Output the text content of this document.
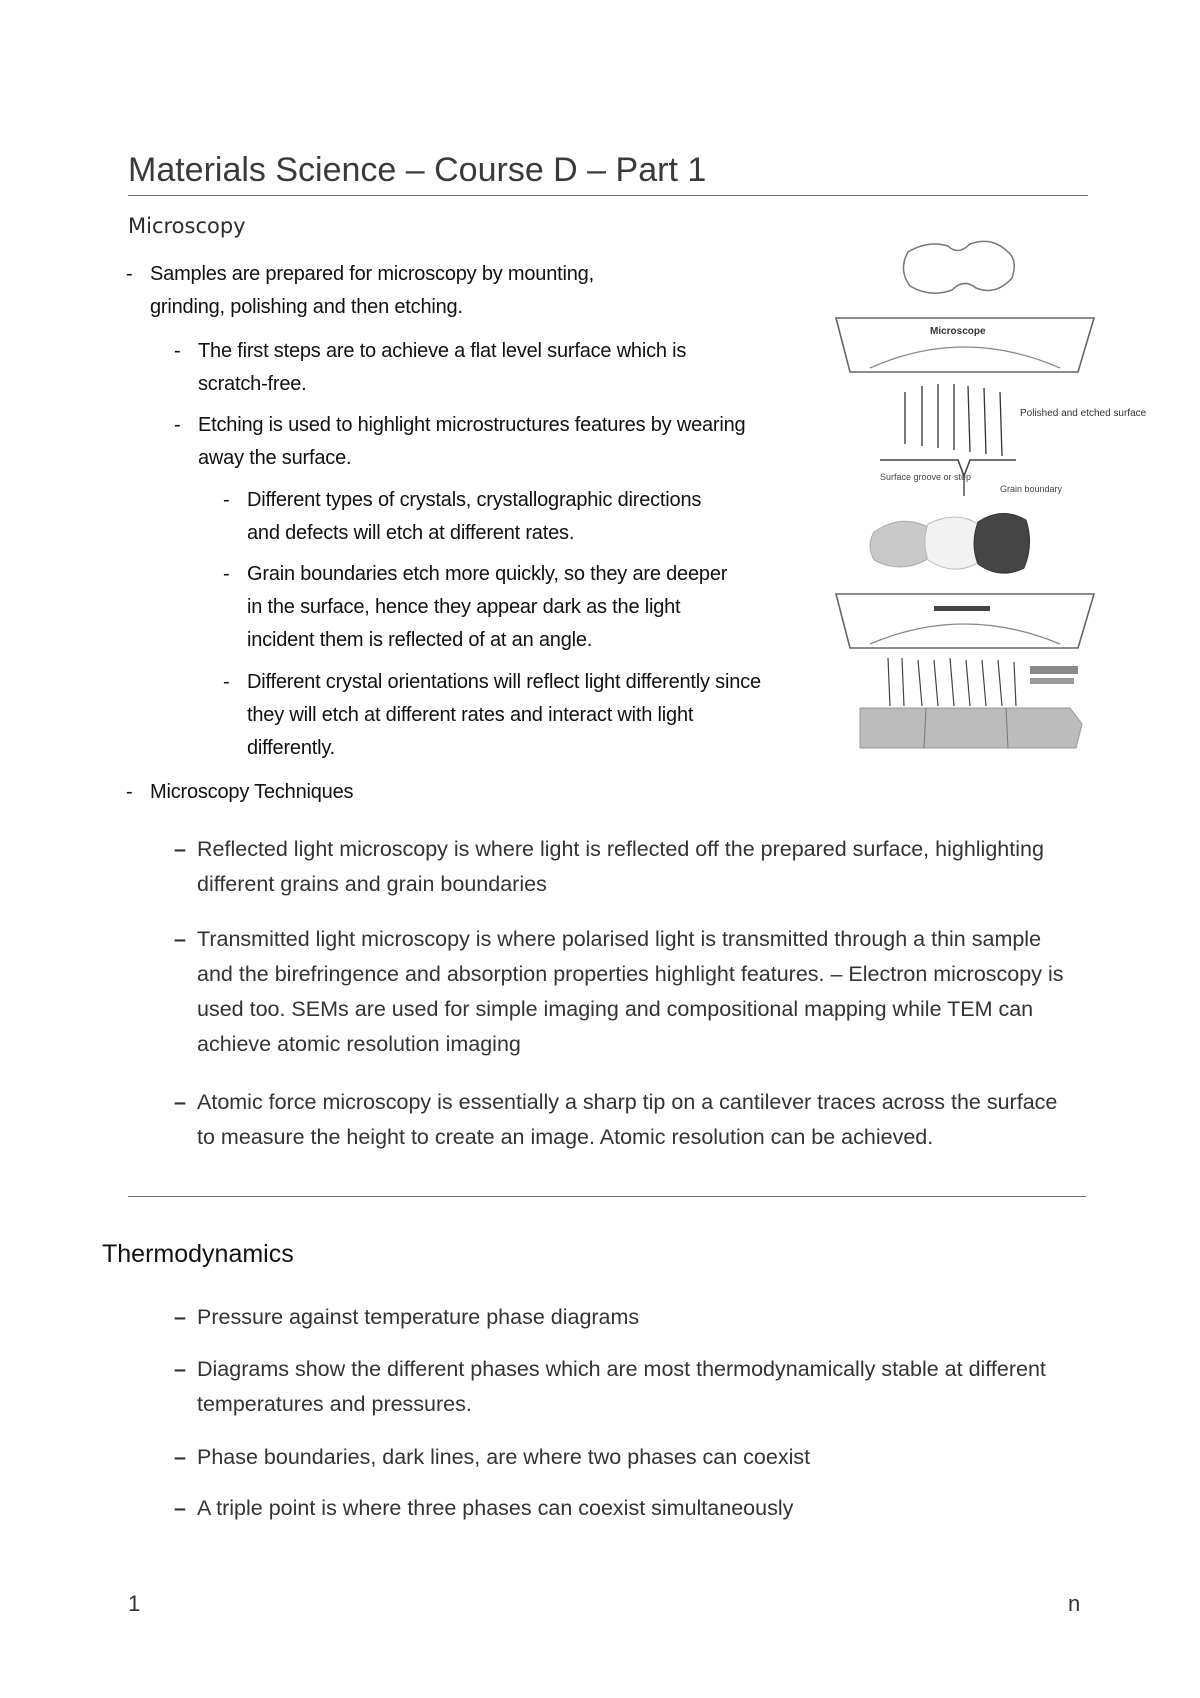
Materials Science – Course D – Part 1
Microscopy
- Samples are prepared for microscopy by mounting, grinding, polishing and then etching.
- The first steps are to achieve a flat level surface which is scratch-free.
- Etching is used to highlight microstructures features by wearing away the surface.
- Different types of crystals, crystallographic directions and defects will etch at different rates.
- Grain boundaries etch more quickly, so they are deeper in the surface, hence they appear dark as the light incident them is reflected of at an angle.
- Different crystal orientations will reflect light differently since they will etch at different rates and interact with light differently.
- Microscopy Techniques
– Reflected light microscopy is where light is reflected off the prepared surface, highlighting different grains and grain boundaries
– Transmitted light microscopy is where polarised light is transmitted through a thin sample and the birefringence and absorption properties highlight features. – Electron microscopy is used too. SEMs are used for simple imaging and compositional mapping while TEM can achieve atomic resolution imaging
– Atomic force microscopy is essentially a sharp tip on a cantilever traces across the surface to measure the height to create an image. Atomic resolution can be achieved.
Thermodynamics
– Pressure against temperature phase diagrams
– Diagrams show the different phases which are most thermodynamically stable at different temperatures and pressures.
– Phase boundaries, dark lines, are where two phases can coexist
– A triple point is where three phases can coexist simultaneously
1	n
Microscope
Polished and etched surface
Surface groove or step
Grain boundary
